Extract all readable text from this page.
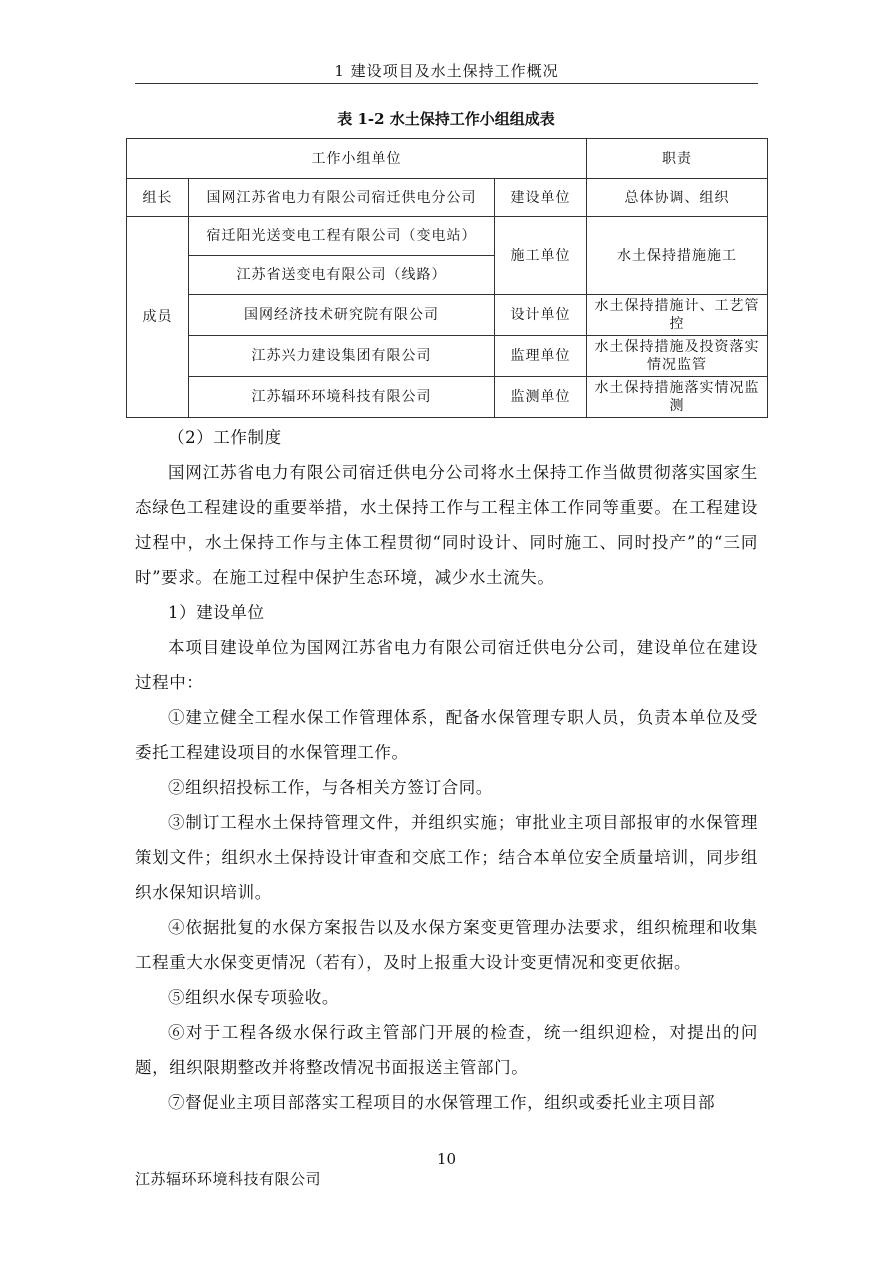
1 建设项目及水土保持工作概况
表 1-2 水土保持工作小组组成表
工作小组单位			职责
组长	国网江苏省电力有限公司宿迁供电分公司	建设单位	总体协调、组织
成员	宿迁阳光送变电工程有限公司（变电站）	施工单位	水土保持措施施工
	江苏省送变电有限公司（线路）		
	国网经济技术研究院有限公司	设计单位	水土保持措施计、工艺管控
	江苏兴力建设集团有限公司	监理单位	水土保持措施及投资落实情况监管
	江苏辐环环境科技有限公司	监测单位	水土保持措施落实情况监测

（2）工作制度

国网江苏省电力有限公司宿迁供电分公司将水土保持工作当做贯彻落实国家生态绿色工程建设的重要举措，水土保持工作与工程主体工作同等重要。在工程建设过程中，水土保持工作与主体工程贯彻“同时设计、同时施工、同时投产”的“三同时”要求。在施工过程中保护生态环境，减少水土流失。

1）建设单位

本项目建设单位为国网江苏省电力有限公司宿迁供电分公司，建设单位在建设过程中：

①建立健全工程水保工作管理体系，配备水保管理专职人员，负责本单位及受委托工程建设项目的水保管理工作。

②组织招投标工作，与各相关方签订合同。

③制订工程水土保持管理文件，并组织实施；审批业主项目部报审的水保管理策划文件；组织水土保持设计审查和交底工作；结合本单位安全质量培训，同步组织水保知识培训。

④依据批复的水保方案报告以及水保方案变更管理办法要求，组织梳理和收集工程重大水保变更情况（若有），及时上报重大设计变更情况和变更依据。

⑤组织水保专项验收。

⑥对于工程各级水保行政主管部门开展的检查，统一组织迎检，对提出的问题，组织限期整改并将整改情况书面报送主管部门。

⑦督促业主项目部落实工程项目的水保管理工作，组织或委托业主项目部

10
江苏辐环环境科技有限公司
